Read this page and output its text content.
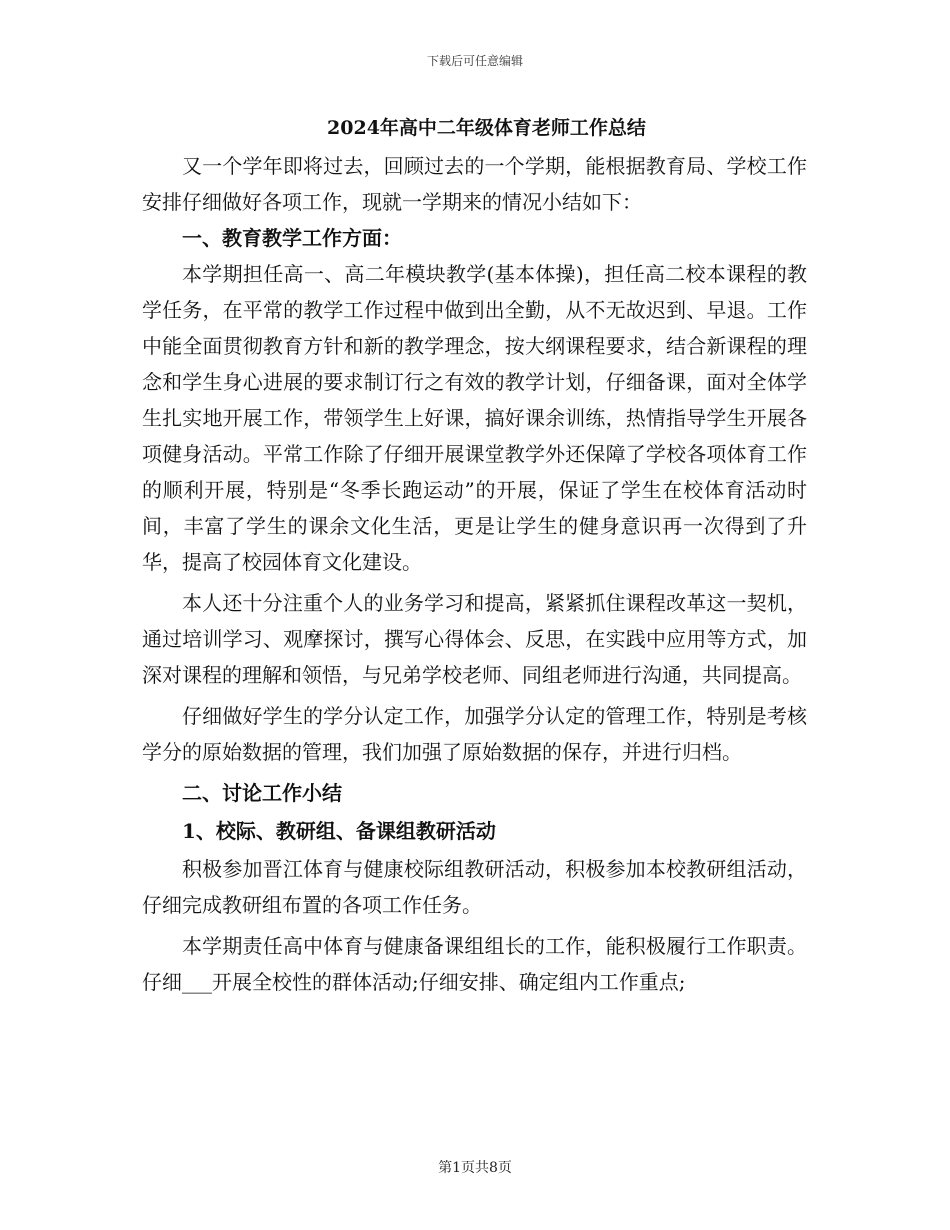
下载后可任意编辑
2024年高中二年级体育老师工作总结

又一个学年即将过去，回顾过去的一个学期，能根据教育局、学校工作安排仔细做好各项工作，现就一学期来的情况小结如下：

一、教育教学工作方面：

本学期担任高一、高二年模块教学(基本体操)，担任高二校本课程的教学任务，在平常的教学工作过程中做到出全勤，从不无故迟到、早退。工作中能全面贯彻教育方针和新的教学理念，按大纲课程要求，结合新课程的理念和学生身心进展的要求制订行之有效的教学计划，仔细备课，面对全体学生扎实地开展工作，带领学生上好课，搞好课余训练，热情指导学生开展各项健身活动。平常工作除了仔细开展课堂教学外还保障了学校各项体育工作的顺利开展，特别是“冬季长跑运动”的开展，保证了学生在校体育活动时间，丰富了学生的课余文化生活，更是让学生的健身意识再一次得到了升华，提高了校园体育文化建设。

本人还十分注重个人的业务学习和提高，紧紧抓住课程改革这一契机，通过培训学习、观摩探讨，撰写心得体会、反思，在实践中应用等方式，加深对课程的理解和领悟，与兄弟学校老师、同组老师进行沟通，共同提高。

仔细做好学生的学分认定工作，加强学分认定的管理工作，特别是考核学分的原始数据的管理，我们加强了原始数据的保存，并进行归档。

二、讨论工作小结

1、校际、教研组、备课组教研活动

积极参加晋江体育与健康校际组教研活动，积极参加本校教研组活动，仔细完成教研组布置的各项工作任务。

本学期责任高中体育与健康备课组组长的工作，能积极履行工作职责。仔细___开展全校性的群体活动;仔细安排、确定组内工作重点;

第1页共8页
